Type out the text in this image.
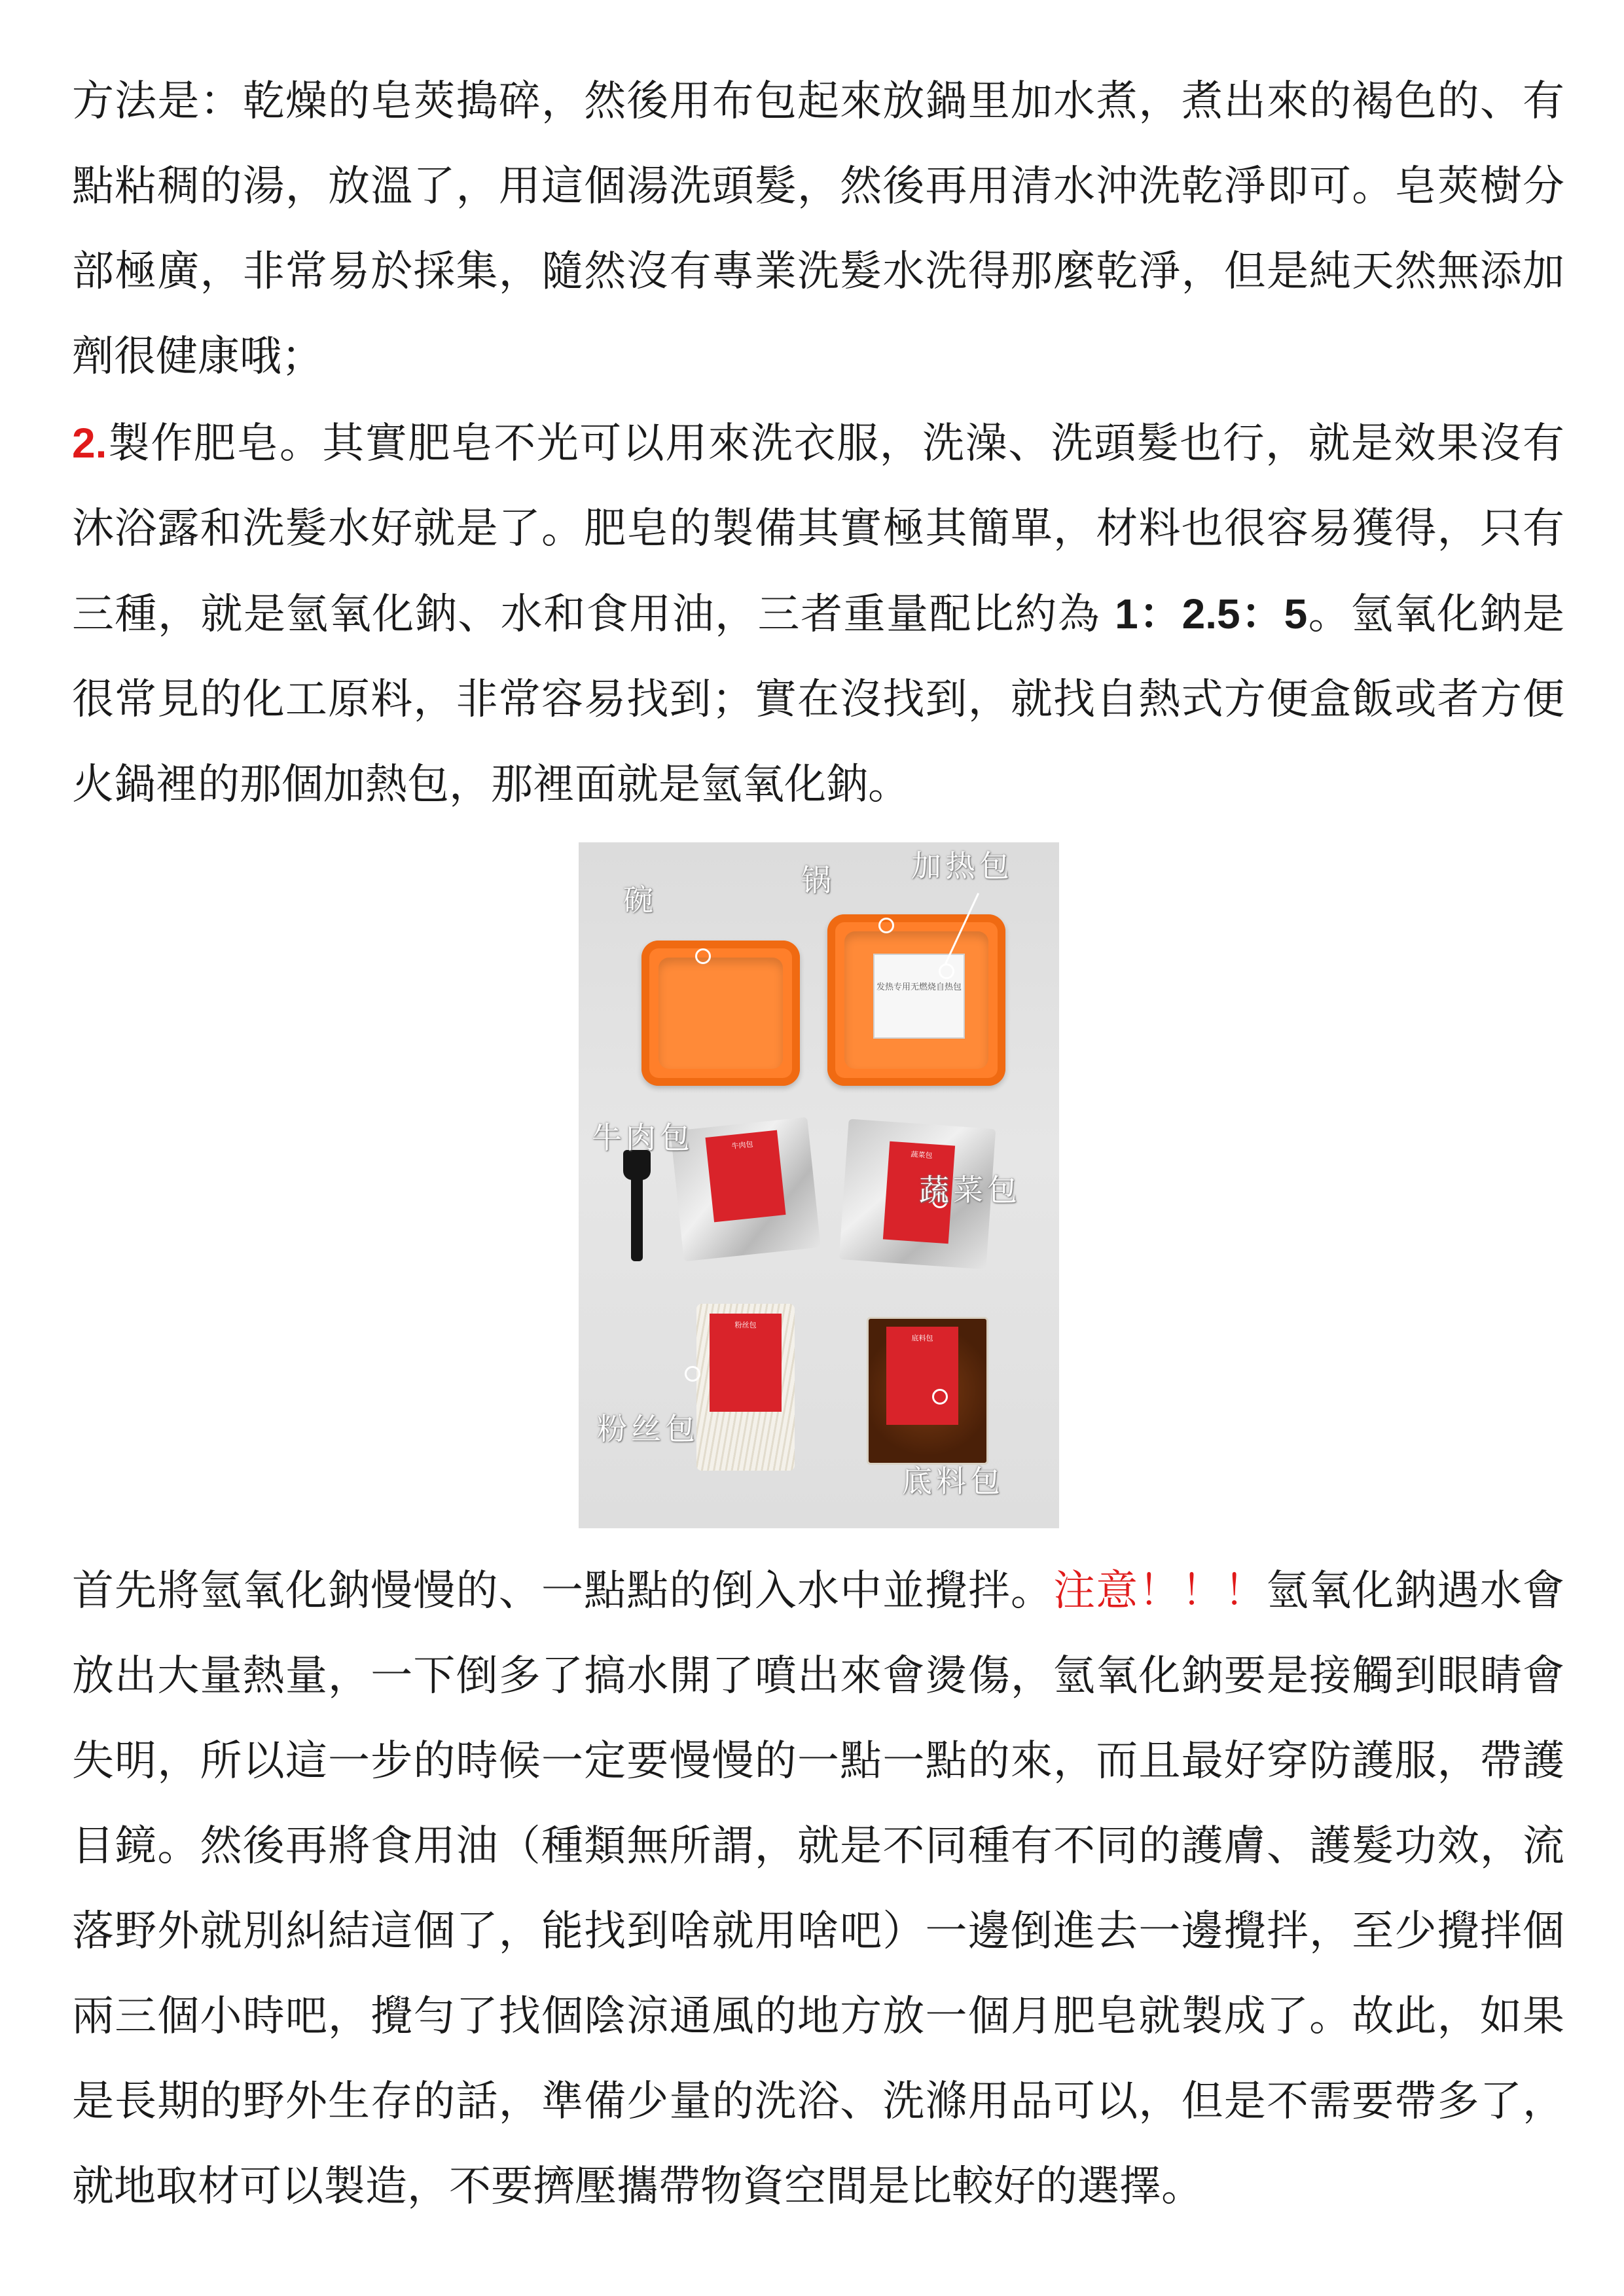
方法是：乾燥的皂莢搗碎，然後用布包起來放鍋里加水煮，煮出來的褐色的、有點粘稠的湯，放溫了，用這個湯洗頭髮，然後再用清水沖洗乾淨即可。皂莢樹分部極廣，非常易於採集，隨然沒有專業洗髮水洗得那麼乾淨，但是純天然無添加劑很健康哦；

2.製作肥皂。其實肥皂不光可以用來洗衣服，洗澡、洗頭髮也行，就是效果沒有沐浴露和洗髮水好就是了。肥皂的製備其實極其簡單，材料也很容易獲得，只有三種，就是氫氧化鈉、水和食用油，三者重量配比約為 1：2.5：5。氫氧化鈉是很常見的化工原料，非常容易找到；實在沒找到，就找自熱式方便盒飯或者方便火鍋裡的那個加熱包，那裡面就是氫氧化鈉。

发热专用无燃烧自热包
牛肉包
蔬菜包
粉丝包
底料包
碗
锅	加热包
牛肉包
蔬菜包
粉丝包
底料包

首先將氫氧化鈉慢慢的、一點點的倒入水中並攪拌。注意！！！氫氧化鈉遇水會放出大量熱量，一下倒多了搞水開了噴出來會燙傷，氫氧化鈉要是接觸到眼睛會失明，所以這一步的時候一定要慢慢的一點一點的來，而且最好穿防護服，帶護目鏡。然後再將食用油（種類無所謂，就是不同種有不同的護膚、護髮功效，流落野外就別糾結這個了，能找到啥就用啥吧）一邊倒進去一邊攪拌，至少攪拌個兩三個小時吧，攪勻了找個陰涼通風的地方放一個月肥皂就製成了。故此，如果是長期的野外生存的話，準備少量的洗浴、洗滌用品可以，但是不需要帶多了，就地取材可以製造，不要擠壓攜帶物資空間是比較好的選擇。
